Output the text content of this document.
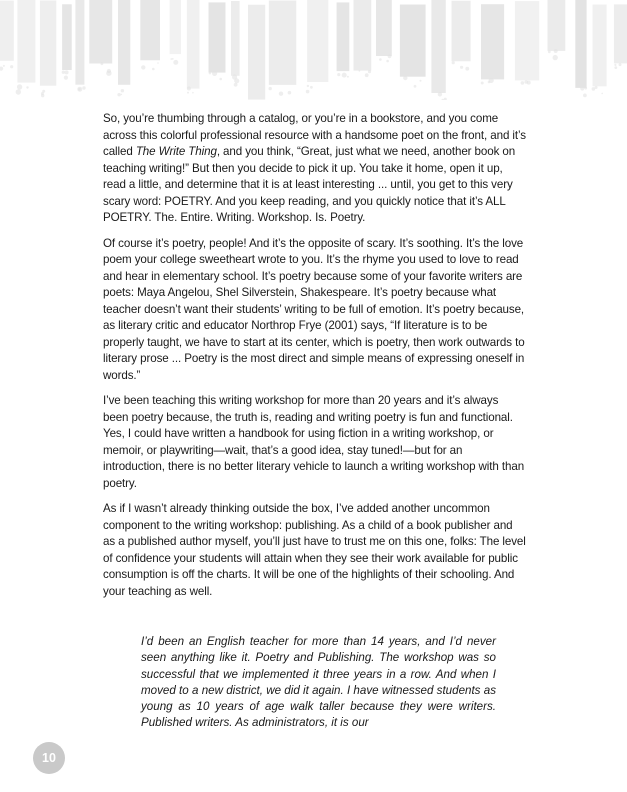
So, you’re thumbing through a catalog, or you’re in a bookstore, and you come across this colorful professional resource with a handsome poet on the front, and it’s called The Write Thing, and you think, “Great, just what we need, another book on teaching writing!” But then you decide to pick it up. You take it home, open it up, read a little, and determine that it is at least interesting ... until, you get to this very scary word: POETRY. And you keep reading, and you quickly notice that it’s ALL POETRY. The. Entire. Writing. Workshop. Is. Poetry.

Of course it’s poetry, people! And it’s the opposite of scary. It’s soothing. It’s the love poem your college sweetheart wrote to you. It’s the rhyme you used to love to read and hear in elementary school. It’s poetry because some of your favorite writers are poets: Maya Angelou, Shel Silverstein, Shakespeare. It’s poetry because what teacher doesn’t want their students’ writing to be full of emotion. It’s poetry because, as literary critic and educator Northrop Frye (2001) says, “If literature is to be properly taught, we have to start at its center, which is poetry, then work outwards to literary prose ... Poetry is the most direct and simple means of expressing oneself in words.”

I’ve been teaching this writing workshop for more than 20 years and it’s always been poetry because, the truth is, reading and writing poetry is fun and functional. Yes, I could have written a handbook for using fiction in a writing workshop, or memoir, or playwriting—wait, that’s a good idea, stay tuned!—but for an introduction, there is no better literary vehicle to launch a writing workshop with than poetry.

As if I wasn’t already thinking outside the box, I’ve added another uncommon component to the writing workshop: publishing. As a child of a book publisher and as a published author myself, you’ll just have to trust me on this one, folks: The level of confidence your students will attain when they see their work available for public consumption is off the charts. It will be one of the highlights of their schooling. And your teaching as well.

I’d been an English teacher for more than 14 years, and I’d never seen anything like it. Poetry and Publishing. The workshop was so successful that we implemented it three years in a row. And when I moved to a new district, we did it again. I have witnessed students as young as 10 years of age walk taller because they were writers. Published writers. As administrators, it is our

10
